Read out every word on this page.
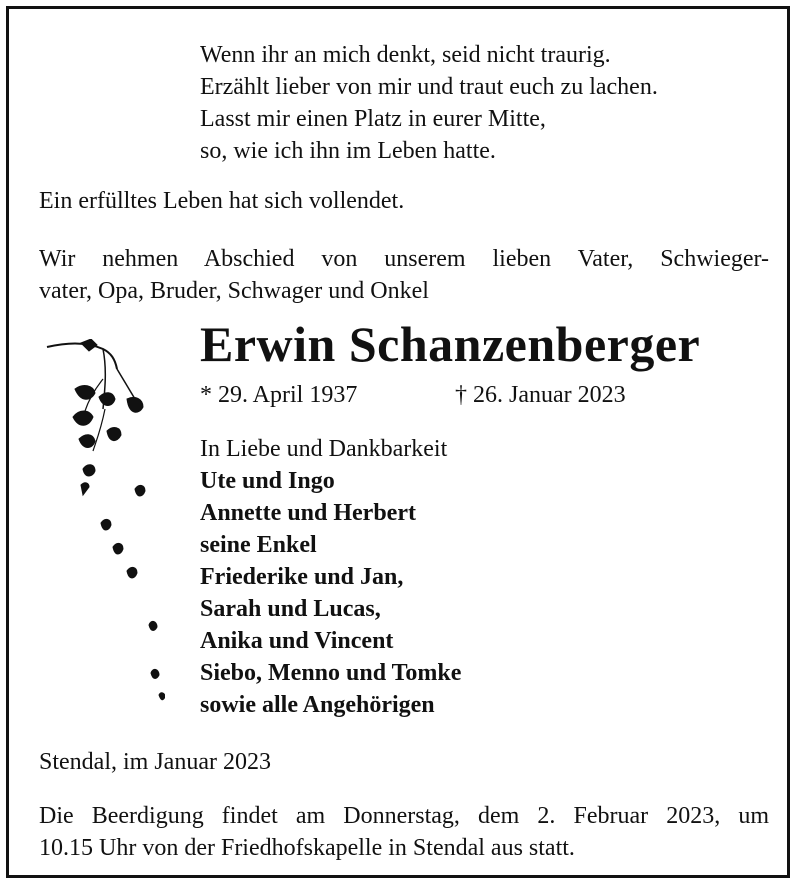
Wenn ihr an mich denkt, seid nicht traurig.
Erzählt lieber von mir und traut euch zu lachen.
Lasst mir einen Platz in eurer Mitte,
so, wie ich ihn im Leben hatte.
Ein erfülltes Leben hat sich vollendet.
Wir nehmen Abschied von unserem lieben Vater, Schwieger-
vater, Opa, Bruder, Schwager und Onkel
Erwin Schanzenberger
* 29. April 1937	† 26. Januar 2023
In Liebe und Dankbarkeit
Ute und Ingo
Annette und Herbert
seine Enkel
Friederike und Jan,
Sarah und Lucas,
Anika und Vincent
Siebo, Menno und Tomke
sowie alle Angehörigen
Stendal, im Januar 2023
Die Beerdigung findet am Donnerstag, dem 2. Februar 2023, um
10.15 Uhr von der Friedhofskapelle in Stendal aus statt.
